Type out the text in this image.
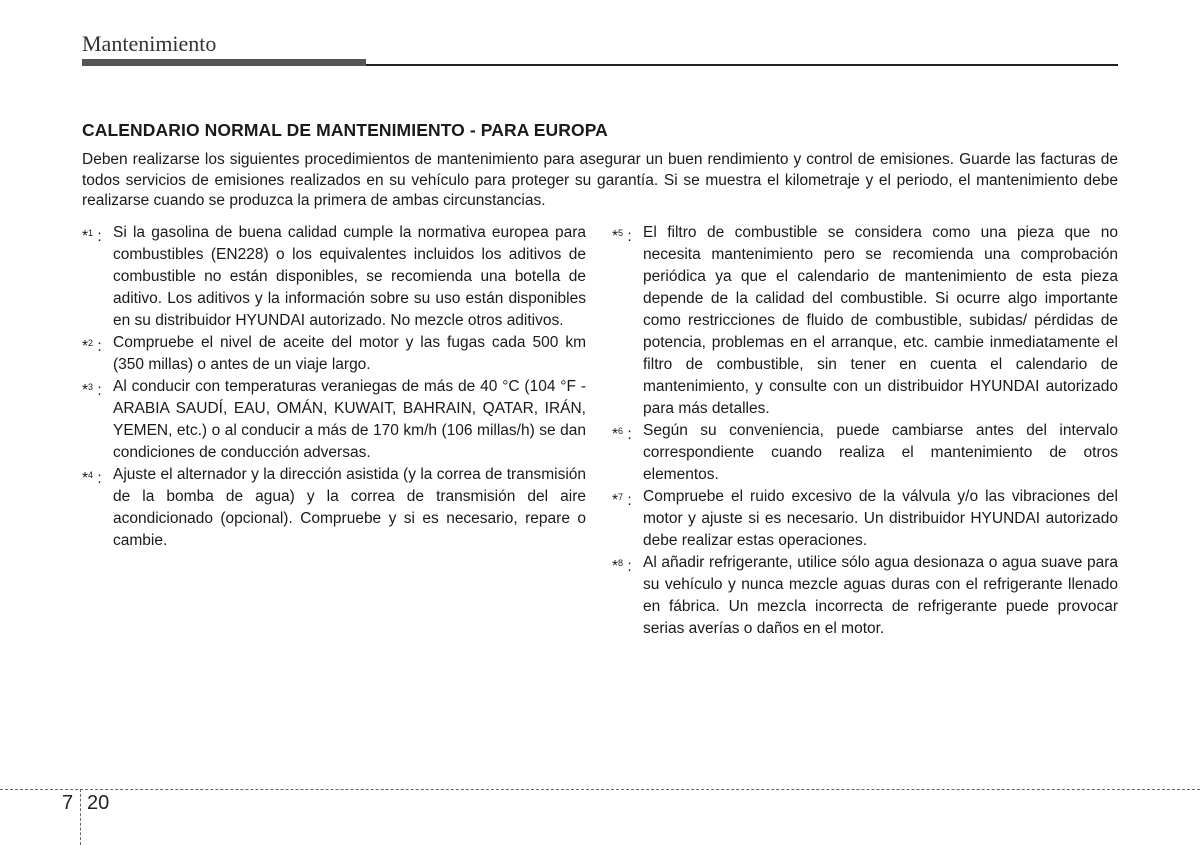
Mantenimiento
CALENDARIO NORMAL DE MANTENIMIENTO - PARA EUROPA

Deben realizarse los siguientes procedimientos de mantenimiento para asegurar un buen rendimiento y control de emisiones. Guarde las facturas de todos servicios de emisiones realizados en su vehículo para proteger su garantía. Si se muestra el kilometraje y el periodo, el mantenimiento debe realizarse cuando se produzca la primera de ambas circunstancias.

*$^1$ : Si la gasolina de buena calidad cumple la normativa europea para combustibles (EN228) o los equivalentes incluidos los aditivos de combustible no están disponibles, se recomienda una botella de aditivo. Los aditivos y la información sobre su uso están disponibles en su distribuidor HYUNDAI autorizado. No mezcle otros aditivos.
*$^2$ : Compruebe el nivel de aceite del motor y las fugas cada 500 km (350 millas) o antes de un viaje largo.
*$^3$ : Al conducir con temperaturas veraniegas de más de 40 °C (104 °F - ARABIA SAUDÍ, EAU, OMÁN, KUWAIT, BAHRAIN, QATAR, IRÁN, YEMEN, etc.) o al conducir a más de 170 km/h (106 millas/h) se dan condiciones de conducción adversas.
*$^4$ : Ajuste el alternador y la dirección asistida (y la correa de transmisión de la bomba de agua) y la correa de transmisión del aire acondicionado (opcional). Compruebe y si es necesario, repare o cambie.
*$^5$ : El filtro de combustible se considera como una pieza que no necesita mantenimiento pero se recomienda una comprobación periódica ya que el calendario de mantenimiento de esta pieza depende de la calidad del combustible. Si ocurre algo importante como restricciones de fluido de combustible, subidas/ pérdidas de potencia, problemas en el arranque, etc. cambie inmediatamente el filtro de combustible, sin tener en cuenta el calendario de mantenimiento, y consulte con un distribuidor HYUNDAI autorizado para más detalles.
*$^6$ : Según su conveniencia, puede cambiarse antes del intervalo correspondiente cuando realiza el mantenimiento de otros elementos.
*$^7$ : Compruebe el ruido excesivo de la válvula y/o las vibraciones del motor y ajuste si es necesario. Un distribuidor HYUNDAI autorizado debe realizar estas operaciones.
*$^8$ : Al añadir refrigerante, utilice sólo agua desionaza o agua suave para su vehículo y nunca mezcle aguas duras con el refrigerante llenado en fábrica. Un mezcla incorrecta de refrigerante puede provocar serias averías o daños en el motor.
7 20
